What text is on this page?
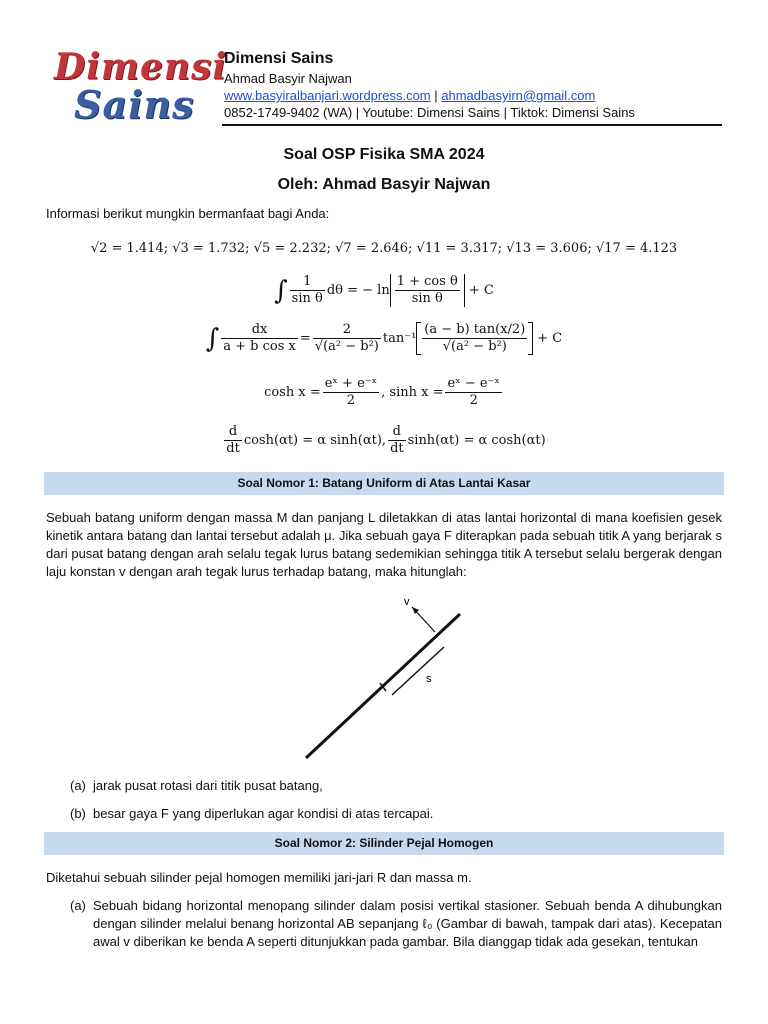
Dimensi
Sains
Dimensi Sains
Ahmad Basyir Najwan
www.basyiralbanjari.wordpress.com | ahmadbasyirn@gmail.com
0852-1749-9402 (WA) | Youtube: Dimensi Sains | Tiktok: Dimensi Sains
Soal OSP Fisika SMA 2024
Oleh: Ahmad Basyir Najwan
Informasi berikut mungkin bermanfaat bagi Anda:
√2 = 1.414; √3 = 1.732; √5 = 2.232; √7 = 2.646; √11 = 3.317; √13 = 3.606; √17 = 4.123
∫ $\frac{1}{\text{sin θ}}$ dθ = − $\ln \frac{\text{1 + cos θ}}{\text{sin θ}} + C$
∫ $\frac{dx}{\text{a + b cos x}} = \frac{2}{\text{√(a² − b²)}} \tan^{-1} \frac{(a - b) \tan(x/2)}{\text{√(a² − b²)}} + C$
$\cosh x = \frac{\text{eˣ + e⁻ˣ}}{2}$ , $\sinh x = \frac{\text{eˣ − e⁻ˣ}}{2}$
$\frac{d}{dt} \cosh(\alpha t) = \alpha$ sinh(αt), $\frac{d}{dt} \sinh(\alpha t) = \alpha$ cosh(αt)
Soal Nomor 1: Batang Uniform di Atas Lantai Kasar
Sebuah batang uniform dengan massa M dan panjang L diletakkan di atas lantai horizontal di mana koefisien gesek kinetik antara batang dan lantai tersebut adalah μ. Jika sebuah gaya F diterapkan pada sebuah titik A yang berjarak s dari pusat batang dengan arah selalu tegak lurus batang sedemikian sehingga titik A tersebut selalu bergerak dengan laju konstan v dengan arah tegak lurus terhadap batang, maka hitunglah:
v
s
(a) jarak pusat rotasi dari titik pusat batang,
(b) besar gaya F yang diperlukan agar kondisi di atas tercapai.
Soal Nomor 2: Silinder Pejal Homogen
Diketahui sebuah silinder pejal homogen memiliki jari-jari R dan massa m.
(a) Sebuah bidang horizontal menopang silinder dalam posisi vertikal stasioner. Sebuah benda A dihubungkan dengan silinder melalui benang horizontal AB sepanjang ℓ₀ (Gambar di bawah, tampak dari atas). Kecepatan awal v diberikan ke benda A seperti ditunjukkan pada gambar. Bila dianggap tidak ada gesekan, tentukan
